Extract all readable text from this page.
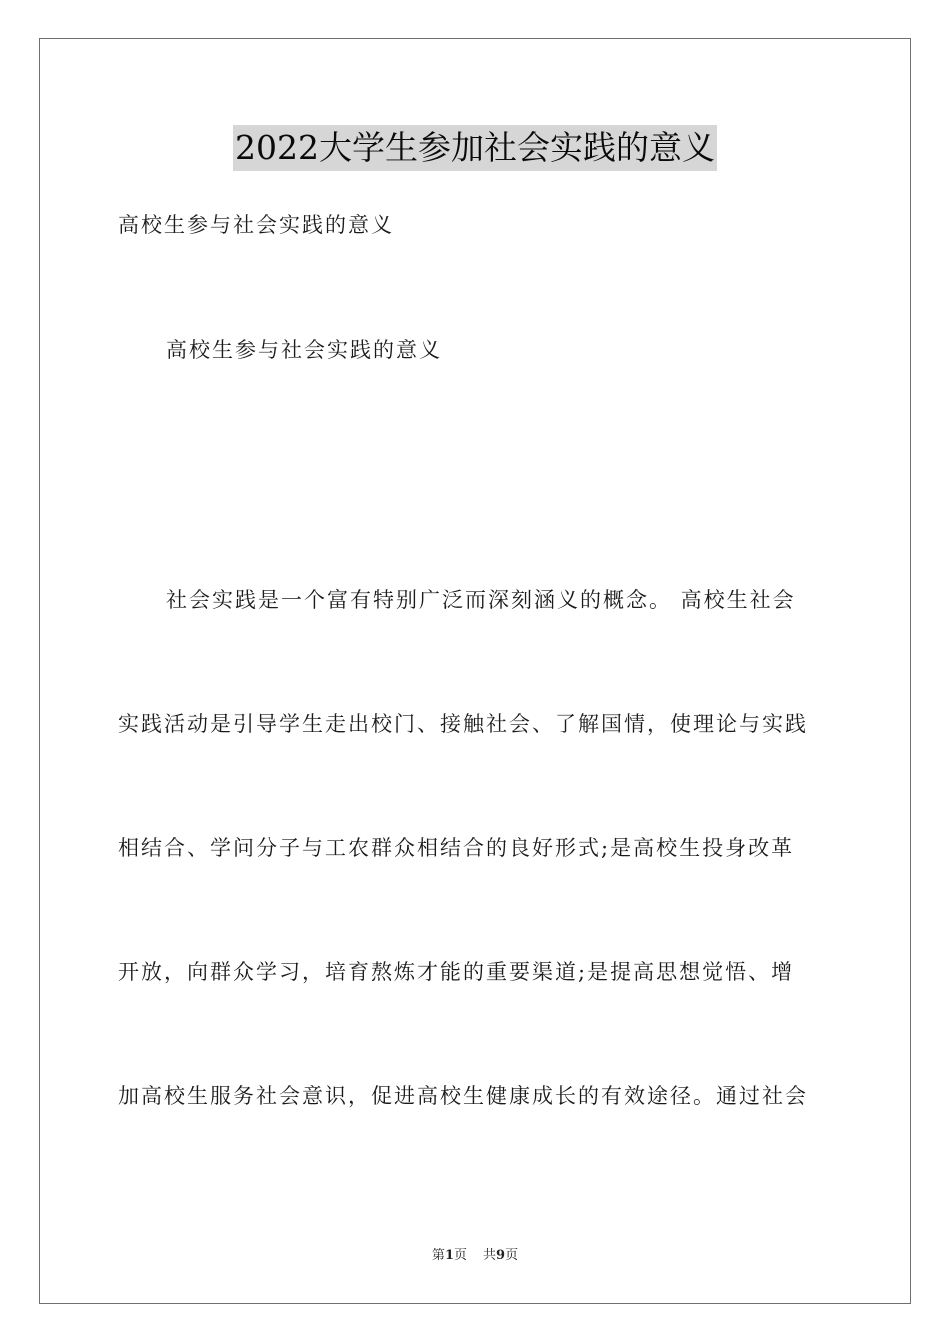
2022大学生参加社会实践的意义
高校生参与社会实践的意义
高校生参与社会实践的意义
社会实践是一个富有特别广泛而深刻涵义的概念。 高校生社会
实践活动是引导学生走出校门、接触社会、了解国情，使理论与实践
相结合、学问分子与工农群众相结合的良好形式;是高校生投身改革
开放，向群众学习，培育熬炼才能的重要渠道;是提高思想觉悟、增
加高校生服务社会意识，促进高校生健康成长的有效途径。通过社会
第1页 共9页
